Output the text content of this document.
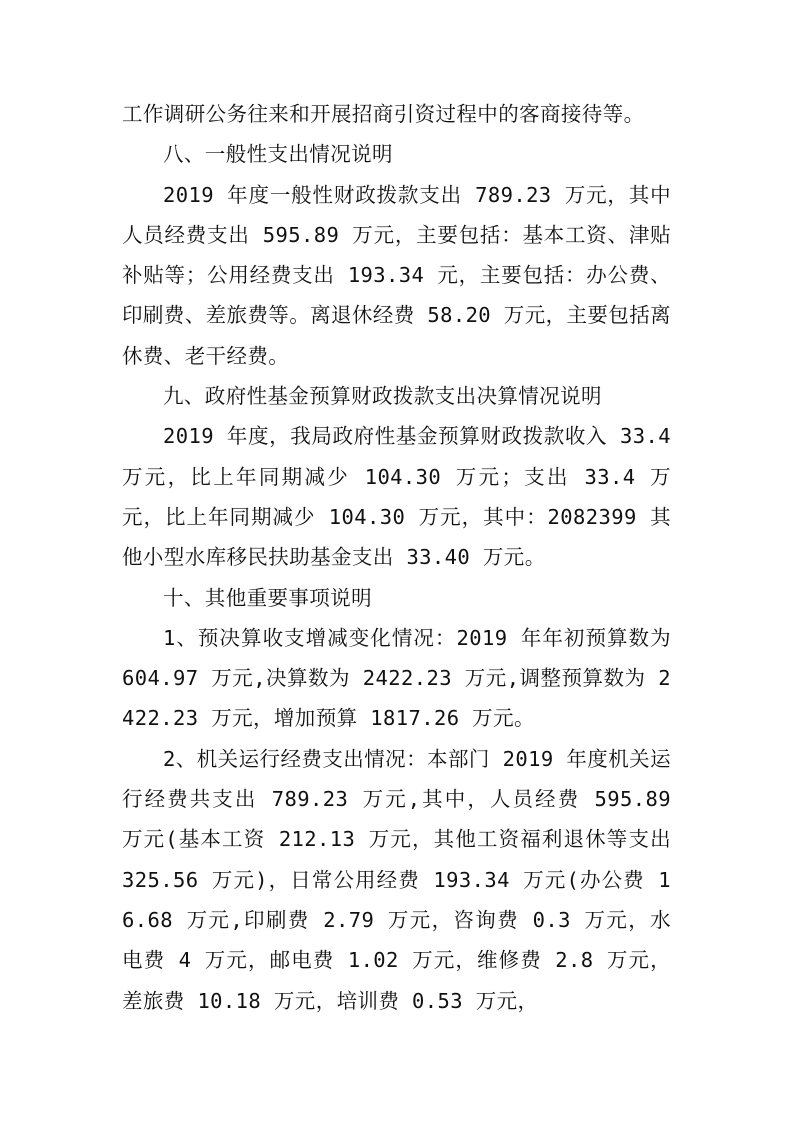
工作调研公务往来和开展招商引资过程中的客商接待等。

八、一般性支出情况说明

2019 年度一般性财政拨款支出 789.23 万元，其中人员经费支出 595.89 万元，主要包括：基本工资、津贴补贴等；公用经费支出 193.34 元，主要包括：办公费、印刷费、差旅费等。离退休经费 58.20 万元，主要包括离休费、老干经费。

九、政府性基金预算财政拨款支出决算情况说明

2019 年度，我局政府性基金预算财政拨款收入 33.4 万元，比上年同期减少 104.30 万元；支出 33.4 万元，比上年同期减少 104.30 万元，其中：2082399 其他小型水库移民扶助基金支出 33.40 万元。

十、其他重要事项说明

1、预决算收支增减变化情况：2019 年年初预算数为 604.97 万元,决算数为 2422.23 万元,调整预算数为 2422.23 万元，增加预算 1817.26 万元。

2、机关运行经费支出情况：本部门 2019 年度机关运行经费共支出 789.23 万元,其中，人员经费 595.89 万元(基本工资 212.13 万元，其他工资福利退休等支出 325.56 万元)，日常公用经费 193.34 万元(办公费 16.68 万元,印刷费 2.79 万元，咨询费 0.3 万元，水电费 4 万元，邮电费 1.02 万元，维修费 2.8 万元，差旅费 10.18 万元，培训费 0.53 万元，
